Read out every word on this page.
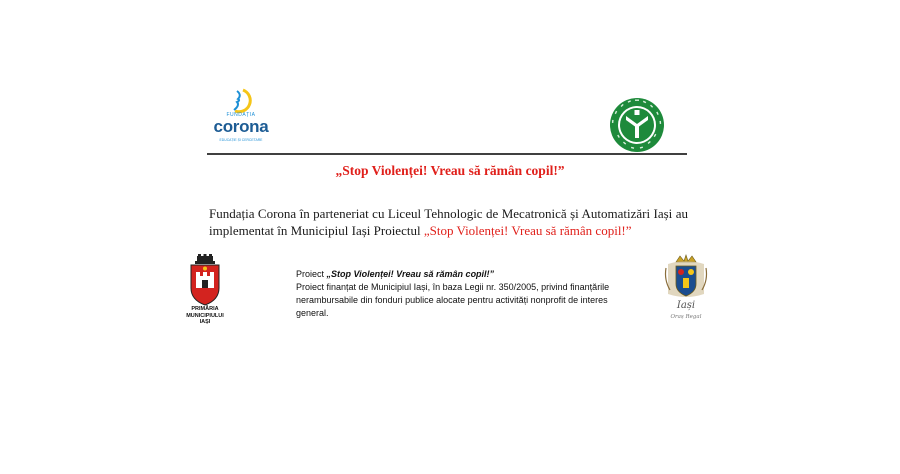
FUNDAȚIA
corona
EDUCAȚIE ȘI CERCETARE
„Stop Violenței! Vreau să rămân copil!”
Fundația Corona în parteneriat cu Liceul Tehnologic de Mecatronică și Automatizări Iași au implementat în Municipiul Iași Proiectul „Stop Violenței! Vreau să rămân copil!”
PRIMĂRIA
MUNICIPIULUI
IAȘI
Proiect „Stop Violenței! Vreau să rămân copil!”
Proiect finanțat de Municipiul Iași, în baza Legii nr. 350/2005, privind finanțările nerambursabile din fonduri publice alocate pentru activități nonprofit de interes general.
Iași
Oraș Regal
